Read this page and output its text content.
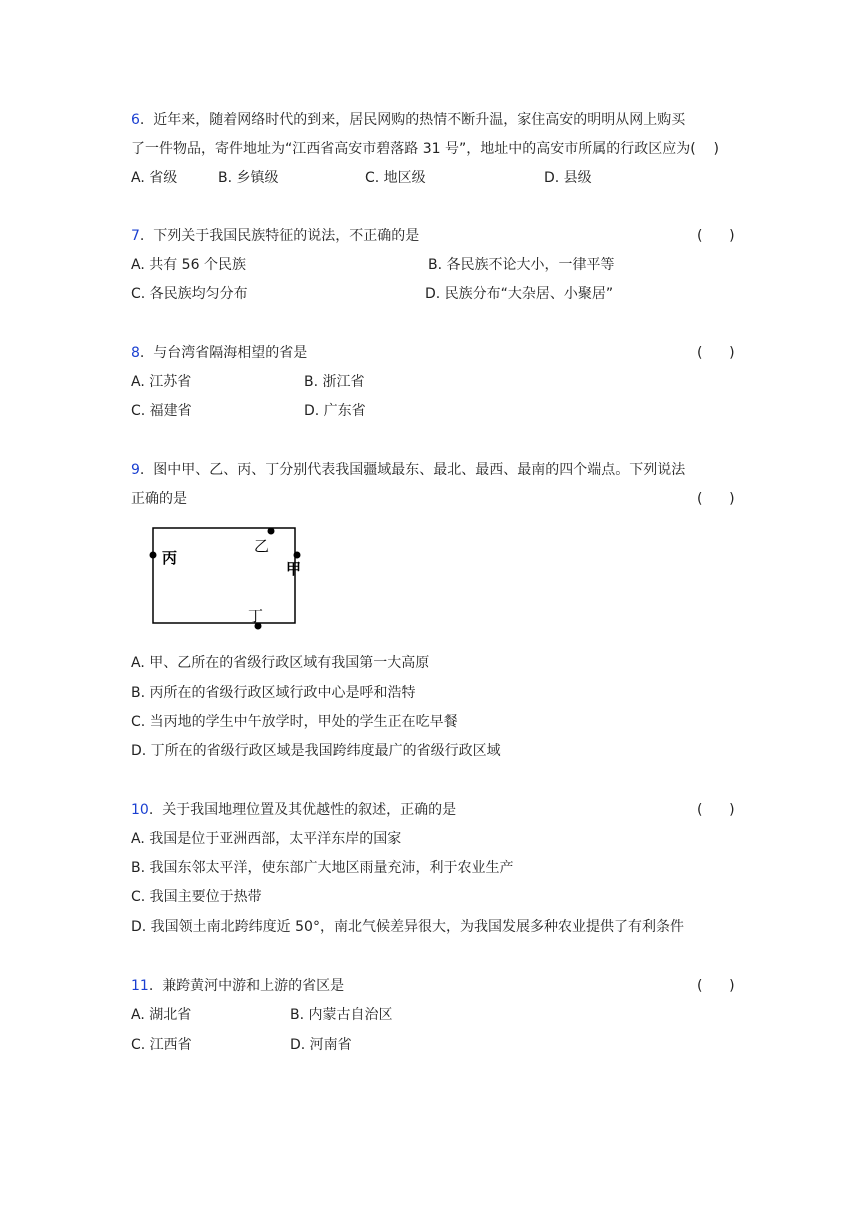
6. 近年来，随着网络时代的到来，居民网购的热情不断升温，家住高安的明明从网上购买
了一件物品，寄件地址为“江西省高安市碧落路 31 号”，地址中的高安市所属的行政区应为( )
A. 省级	B. 乡镇级	C. 地区级	D. 县级
7. 下列关于我国民族特征的说法，不正确的是	(      )
A. 共有 56 个民族	B. 各民族不论大小，一律平等
C. 各民族均匀分布	D. 民族分布“大杂居、小聚居”
8. 与台湾省隔海相望的省是	(      )
A. 江苏省	B. 浙江省
C. 福建省	D. 广东省
9. 图中甲、乙、丙、丁分别代表我国疆域最东、最北、最西、最南的四个端点。下列说法
正确的是	(      )
丙
乙
甲
丁
A. 甲、乙所在的省级行政区域有我国第一大高原
B. 丙所在的省级行政区域行政中心是呼和浩特
C. 当丙地的学生中午放学时，甲处的学生正在吃早餐
D. 丁所在的省级行政区域是我国跨纬度最广的省级行政区域
10. 关于我国地理位置及其优越性的叙述，正确的是	(      )
A. 我国是位于亚洲西部，太平洋东岸的国家
B. 我国东邻太平洋，使东部广大地区雨量充沛，利于农业生产
C. 我国主要位于热带
D. 我国领土南北跨纬度近 50°，南北气候差异很大，为我国发展多种农业提供了有利条件
11. 兼跨黄河中游和上游的省区是	(      )
A. 湖北省	B. 内蒙古自治区
C. 江西省	D. 河南省
